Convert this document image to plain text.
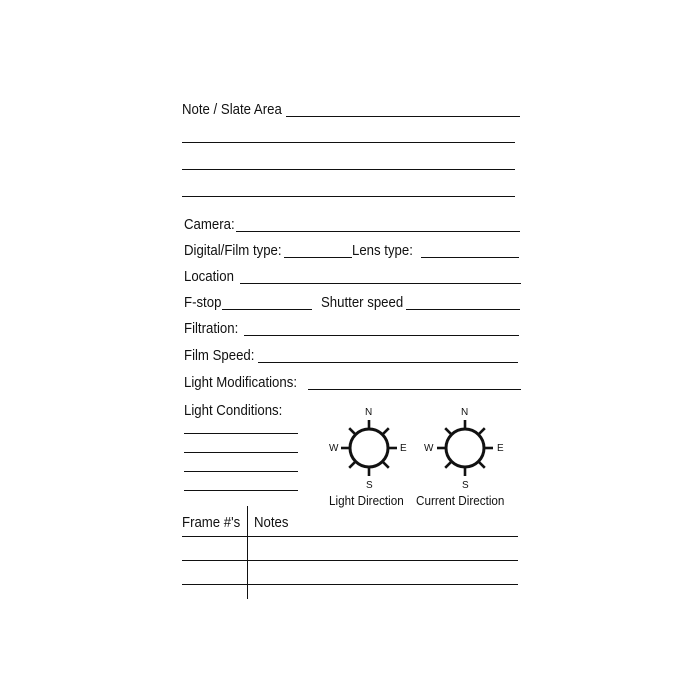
Note / Slate Area
Camera:
Digital/Film type:	Lens type:
Location
F-stop	Shutter speed
Filtration:
Film Speed:
Light Modifications:
Light Conditions:	N
S
W	E
Light Direction
N
S
W	E
Current Direction
Frame #'s Notes
